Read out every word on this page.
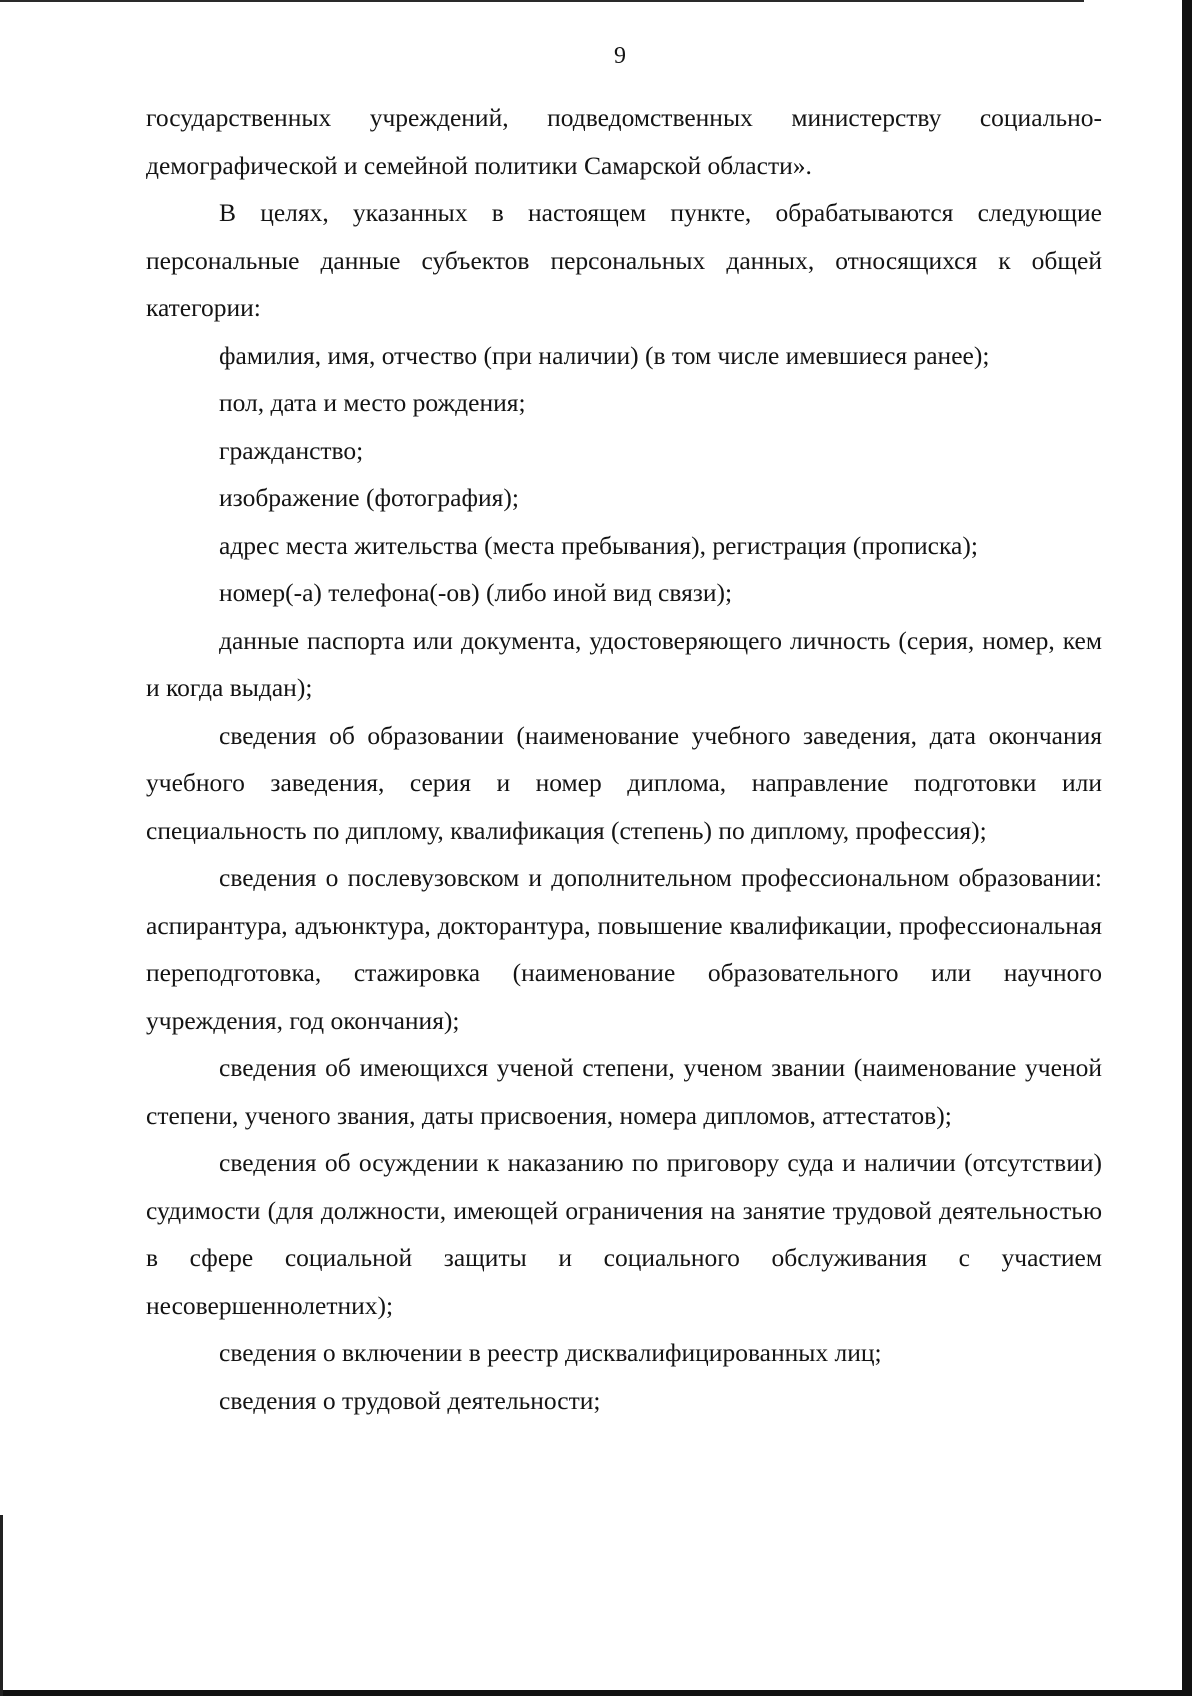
9

государственных учреждений, подведомственных министерству социально-демографической и семейной политики Самарской области».

В целях, указанных в настоящем пункте, обрабатываются следующие персональные данные субъектов персональных данных, относящихся к общей категории:

фамилия, имя, отчество (при наличии) (в том числе имевшиеся ранее);

пол, дата и место рождения;

гражданство;

изображение (фотография);

адрес места жительства (места пребывания), регистрация (прописка);

номер(-а) телефона(-ов) (либо иной вид связи);

данные паспорта или документа, удостоверяющего личность (серия, номер, кем и когда выдан);

сведения об образовании (наименование учебного заведения, дата окончания учебного заведения, серия и номер диплома, направление подготовки или специальность по диплому, квалификация (степень) по диплому, профессия);

сведения о послевузовском и дополнительном профессиональном образовании: аспирантура, адъюнктура, докторантура, повышение квалификации, профессиональная переподготовка, стажировка (наименование образовательного или научного учреждения, год окончания);

сведения об имеющихся ученой степени, ученом звании (наименование ученой степени, ученого звания, даты присвоения, номера дипломов, аттестатов);

сведения об осуждении к наказанию по приговору суда и наличии (отсутствии) судимости (для должности, имеющей ограничения на занятие трудовой деятельностью в сфере социальной защиты и социального обслуживания с участием несовершеннолетних);

сведения о включении в реестр дисквалифицированных лиц;

сведения о трудовой деятельности;
